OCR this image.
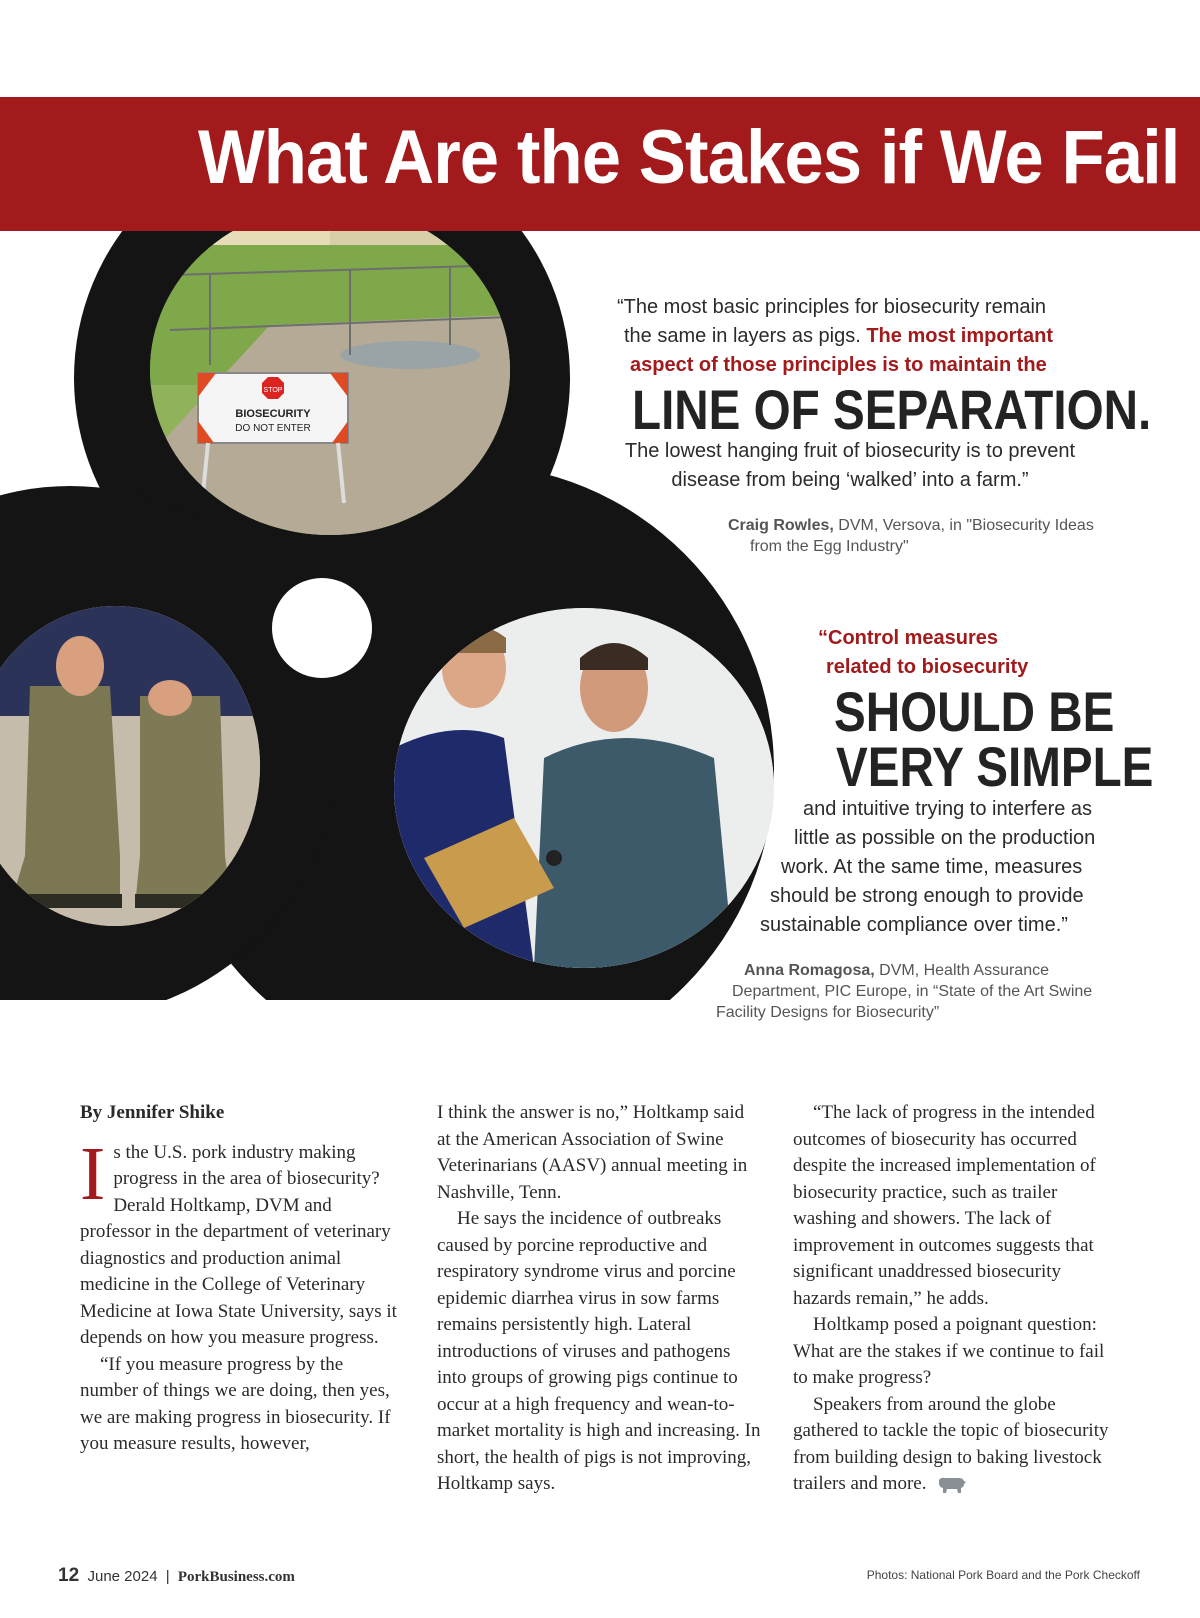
STOP
BIOSECURITY
DO NOT ENTER
What Are the Stakes if We Fail
“The most basic principles for biosecurity remain
the same in layers as pigs. The most important
aspect of those principles is to maintain the
LINE OF SEPARATION.
The lowest hanging fruit of biosecurity is to prevent
disease from being ‘walked’ into a farm.”
Craig Rowles, DVM, Versova, in "Biosecurity Ideas
from the Egg Industry"
“Control measures
related to biosecurity
SHOULD BE
VERY SIMPLE
and intuitive trying to interfere as
little as possible on the production
work. At the same time, measures
should be strong enough to provide
sustainable compliance over time.”
Anna Romagosa, DVM, Health Assurance
Department, PIC Europe, in “State of the Art Swine
Facility Designs for Biosecurity”

By Jennifer Shike

Is the U.S. pork industry making progress in the area of biosecurity? Derald Holtkamp, DVM and professor in the department of veterinary diagnostics and production animal medicine in the College of Veterinary Medicine at Iowa State University, says it depends on how you measure progress.

“If you measure progress by the number of things we are doing, then yes, we are making progress in biosecurity. If you measure results, however,

I think the answer is no,” Holtkamp said at the American Association of Swine Veterinarians (AASV) annual meeting in Nashville, Tenn.

He says the incidence of outbreaks caused by porcine reproductive and respiratory syndrome virus and porcine epidemic diarrhea virus in sow farms remains persistently high. Lateral introductions of viruses and pathogens into groups of growing pigs continue to occur at a high frequency and wean-to-market mortality is high and increasing. In short, the health of pigs is not improving, Holtkamp says.

“The lack of progress in the intended outcomes of biosecurity has occurred despite the increased implementation of biosecurity practice, such as trailer washing and showers. The lack of improvement in outcomes suggests that significant unaddressed biosecurity hazards remain,” he adds.

Holtkamp posed a poignant question: What are the stakes if we continue to fail to make progress?

Speakers from around the globe gathered to tackle the topic of biosecurity from building design to baking livestock trailers and more.

12 June 2024 | PorkBusiness.com	Photos: National Pork Board and the Pork Checkoff
